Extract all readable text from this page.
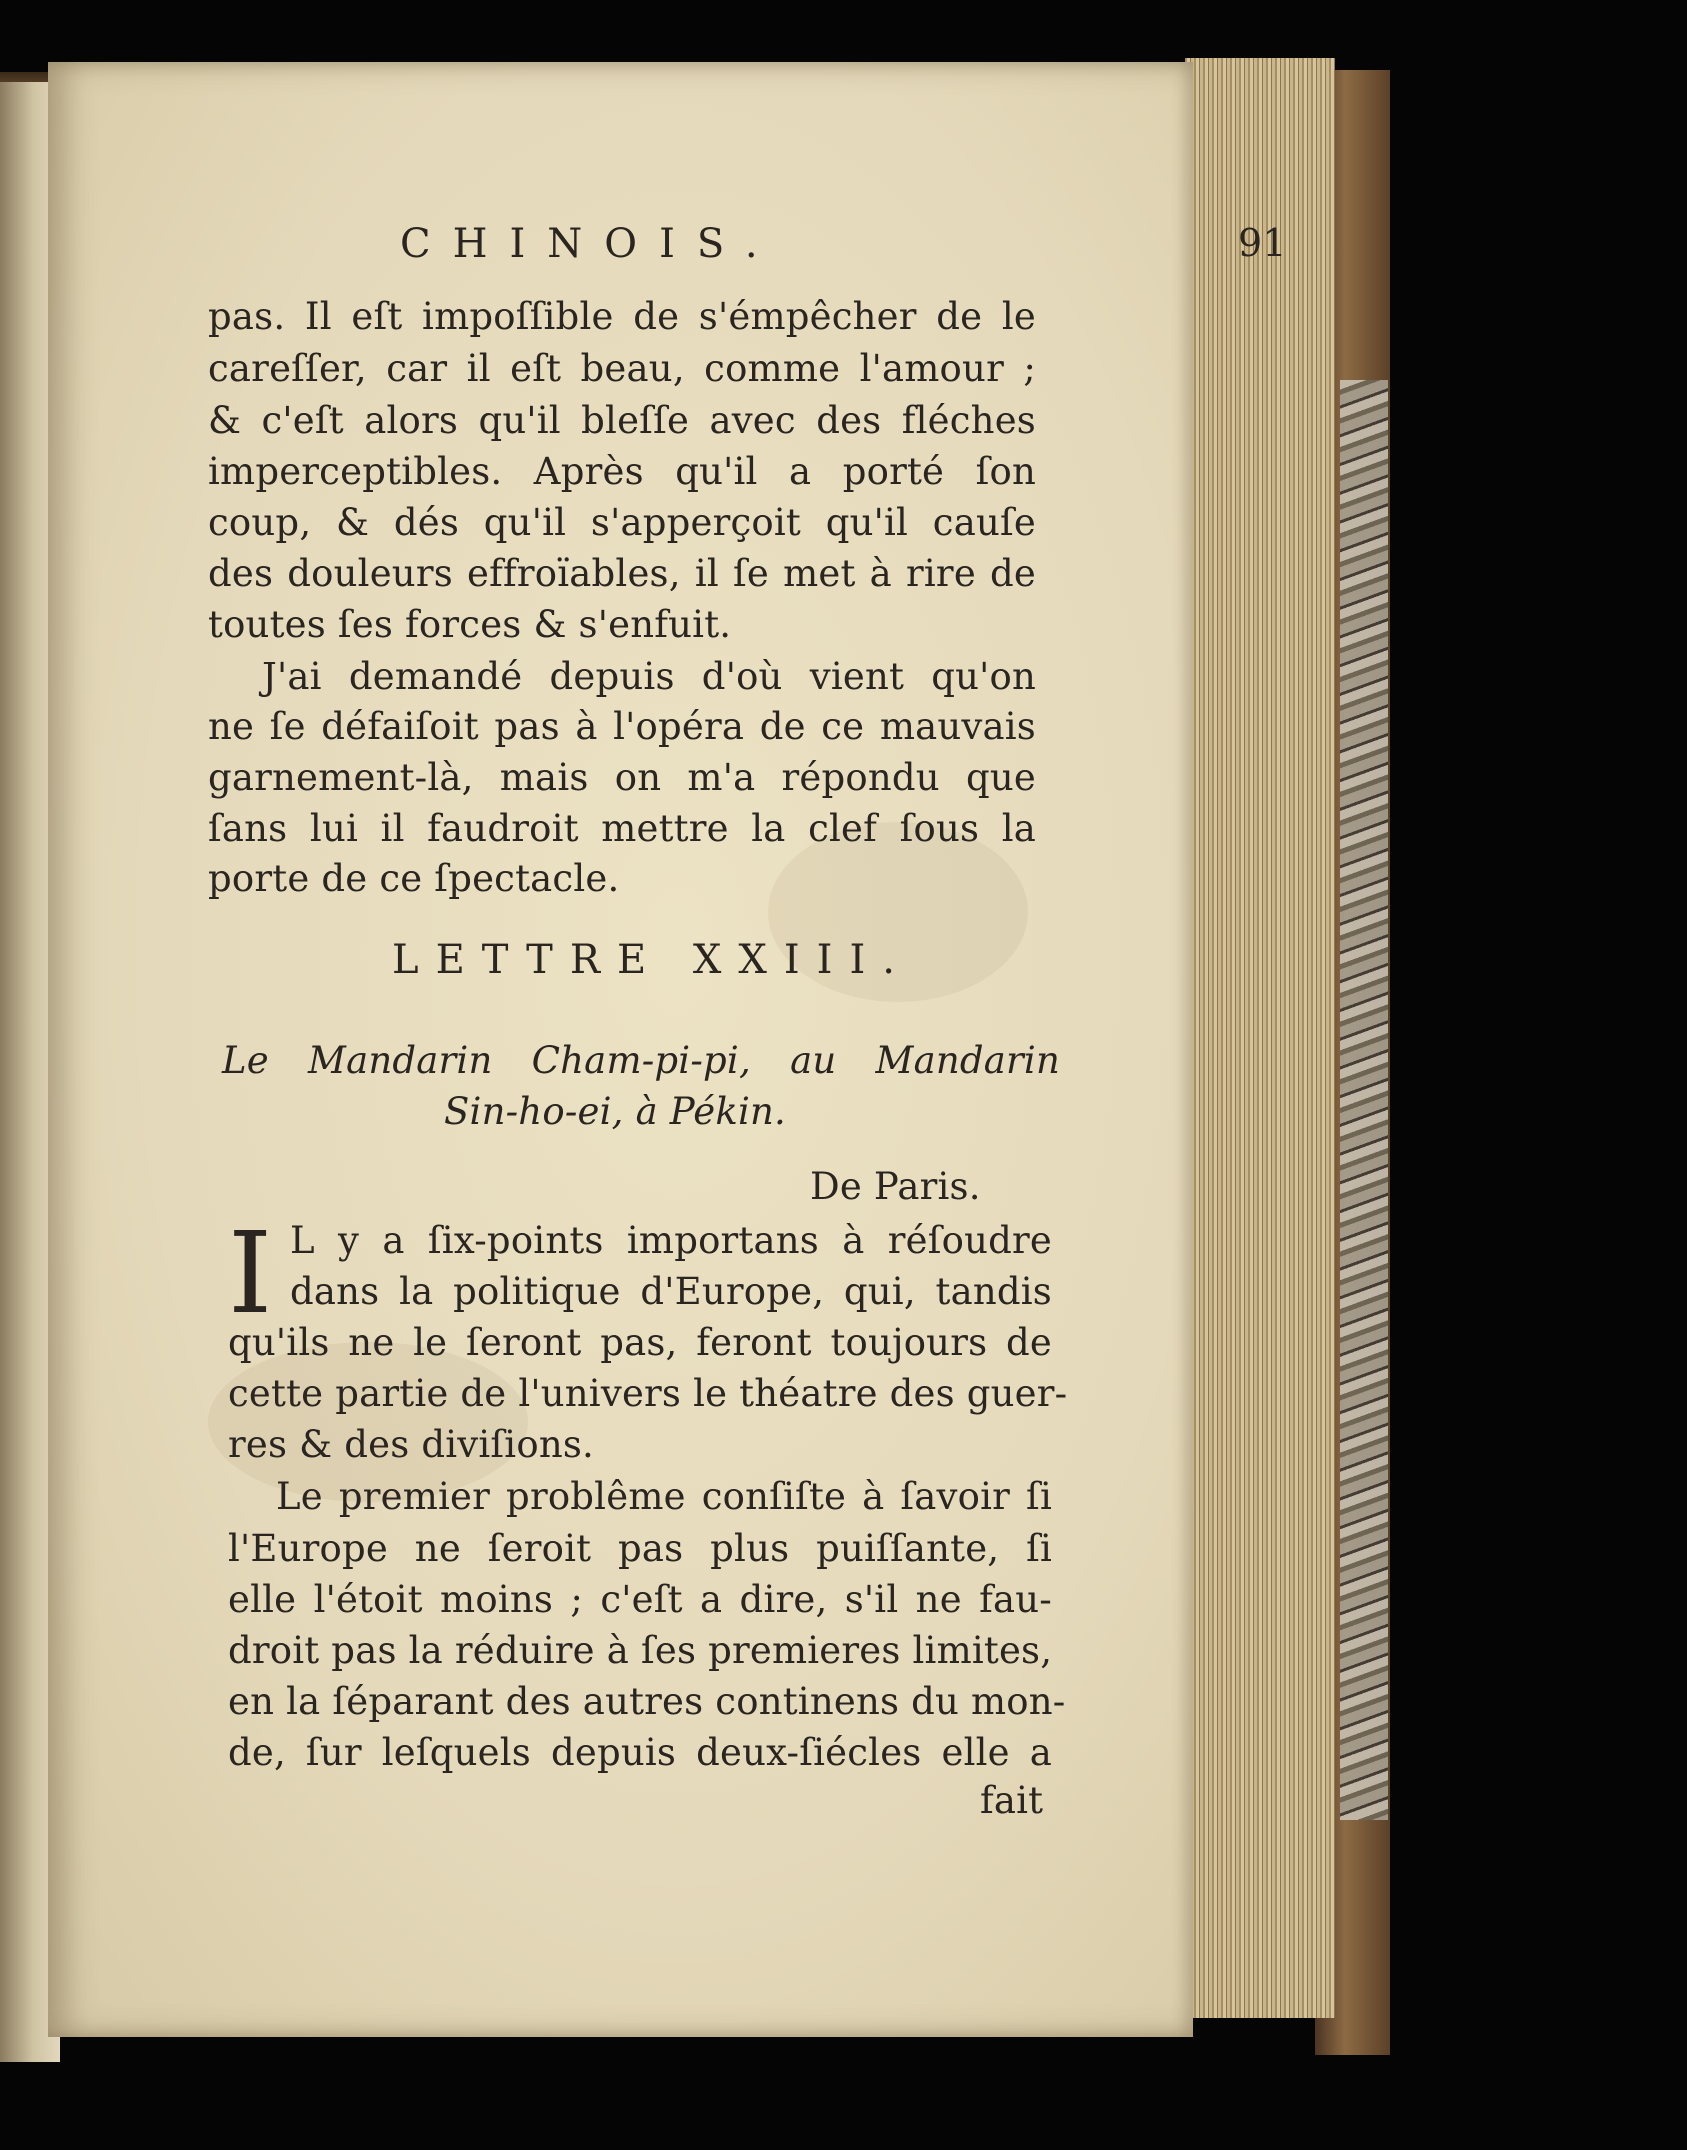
CHINOIS.	91
pas. Il eſt impoſſible de s'émpêcher de le
careſſer, car il eſt beau, comme l'amour ;
& c'eſt alors qu'il bleſſe avec des fléches
imperceptibles. Après qu'il a porté ſon
coup, & dés qu'il s'apperçoit qu'il cauſe
des douleurs effroïables, il ſe met à rire de
toutes ſes forces & s'enfuit.
J'ai demandé depuis d'où vient qu'on
ne ſe défaiſoit pas à l'opéra de ce mauvais
garnement-là, mais on m'a répondu que
ſans lui il faudroit mettre la clef ſous la
porte de ce ſpectacle.
LETTRE XXIII.
Le Mandarin Cham-pi-pi, au Mandarin
Sin-ho-ei, à Pékin.
De Paris.
I L y a ſix-points importans à réſoudre
dans la politique d'Europe, qui, tandis
qu'ils ne le ſeront pas, feront toujours de
cette partie de l'univers le théatre des guer-
res & des diviſions.
Le premier problême conſiſte à ſavoir ſi
l'Europe ne ſeroit pas plus puiſſante, ſi
elle l'étoit moins ; c'eſt a dire, s'il ne fau-
droit pas la réduire à ſes premieres limites,
en la ſéparant des autres continens du mon-
de, ſur leſquels depuis deux-ſiécles elle a
fait
